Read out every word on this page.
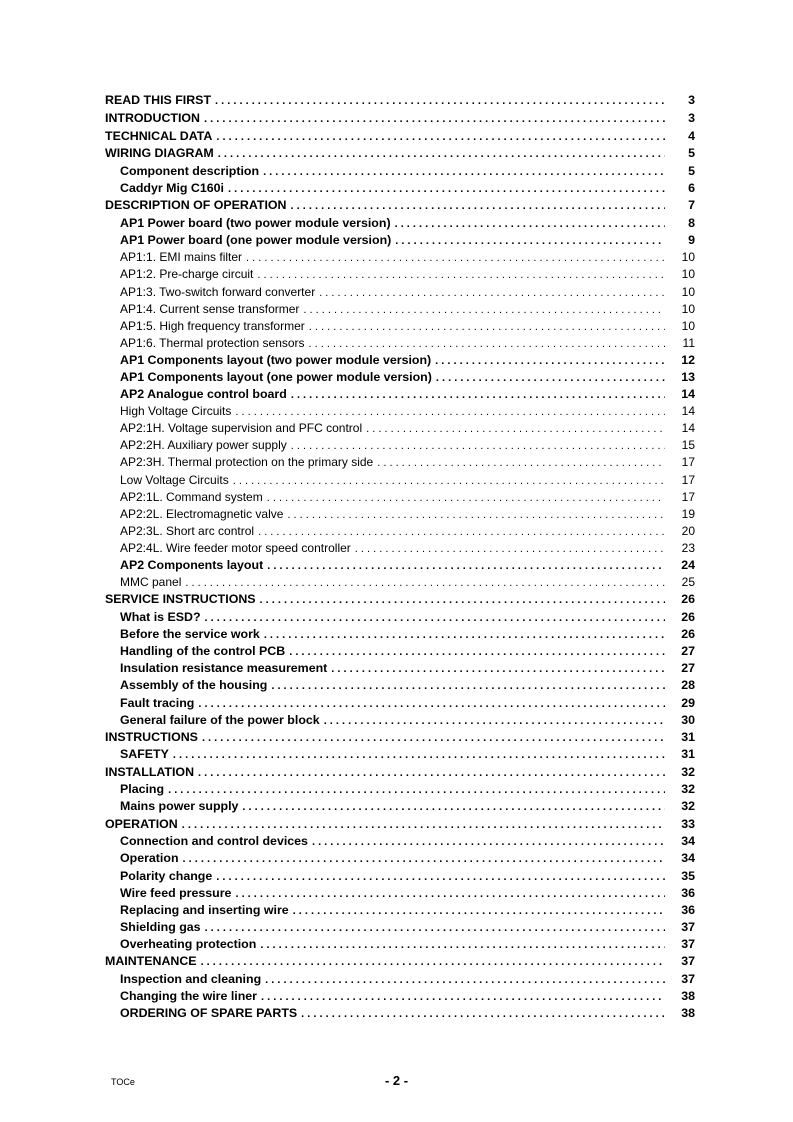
READ THIS FIRST . . .	3
INTRODUCTION . . .	3
TECHNICAL DATA . . .	4
WIRING DIAGRAM . . .	5
Component description . . .	5
Caddyr Mig C160i . . .	6
DESCRIPTION OF OPERATION . . .	7
AP1 Power board (two power module version) . . .	8
AP1 Power board (one power module version) . . .	9
AP1:1. EMI mains filter . . .	10
AP1:2. Pre-charge circuit . . .	10
AP1:3. Two-switch forward converter . . .	10
AP1:4. Current sense transformer . . .	10
AP1:5. High frequency transformer . . .	10
AP1:6. Thermal protection sensors . . .	11
AP1 Components layout (two power module version) . . .	12
AP1 Components layout (one power module version) . . .	13
AP2 Analogue control board . . .	14
High Voltage Circuits . . .	14
AP2:1H. Voltage supervision and PFC control . . .	14
AP2:2H. Auxiliary power supply . . .	15
AP2:3H. Thermal protection on the primary side . . .	17
Low Voltage Circuits . . .	17
AP2:1L. Command system . . .	17
AP2:2L. Electromagnetic valve . . .	19
AP2:3L. Short arc control . . .	20
AP2:4L. Wire feeder motor speed controller . . .	23
AP2 Components layout . . .	24
MMC panel . . .	25
SERVICE INSTRUCTIONS . . .	26
What is ESD? . . .	26
Before the service work . . .	26
Handling of the control PCB . . .	27
Insulation resistance measurement . . .	27
Assembly of the housing . . .	28
Fault tracing . . .	29
General failure of the power block . . .	30
INSTRUCTIONS . . .	31
SAFETY . . .	31
INSTALLATION . . .	32
Placing . . .	32
Mains power supply . . .	32
OPERATION . . .	33
Connection and control devices . . .	34
Operation . . .	34
Polarity change . . .	35
Wire feed pressure . . .	36
Replacing and inserting wire . . .	36
Shielding gas . . .	37
Overheating protection . . .	37
MAINTENANCE . . .	37
Inspection and cleaning . . .	37
Changing the wire liner . . .	38
ORDERING OF SPARE PARTS . . .	38
TOCe	- 2 -
